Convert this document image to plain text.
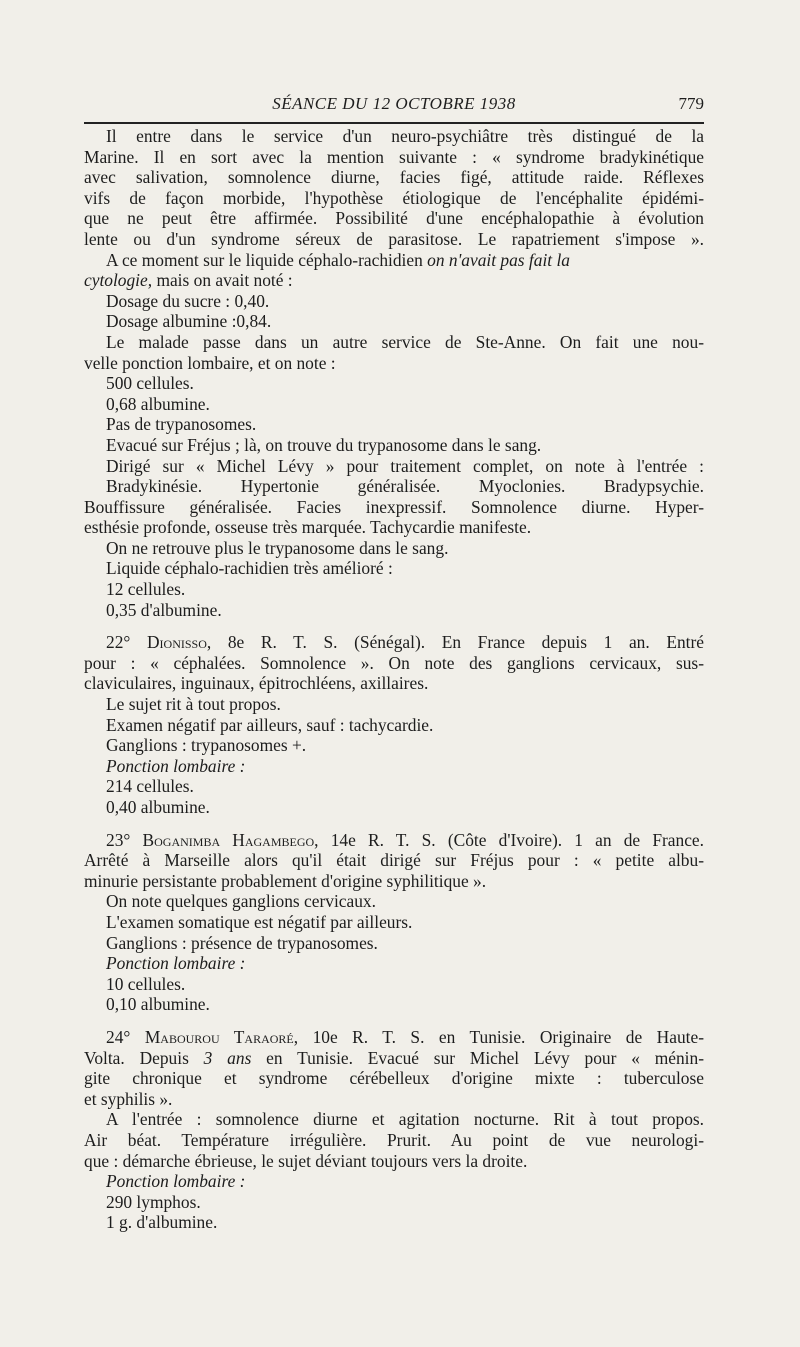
SÉANCE DU 12 OCTOBRE 1938	779
Il entre dans le service d'un neuro-psychiâtre très distingué de la
Marine. Il en sort avec la mention suivante : « syndrome bradykinétique
avec salivation, somnolence diurne, facies figé, attitude raide. Réflexes
vifs de façon morbide, l'hypothèse étiologique de l'encéphalite épidémi-
que ne peut être affirmée. Possibilité d'une encéphalopathie à évolution
lente ou d'un syndrome séreux de parasitose. Le rapatriement s'impose ».
A ce moment sur le liquide céphalo-rachidien on n'avait pas fait la
cytologie, mais on avait noté :
Dosage du sucre : 0,40.
Dosage albumine :0,84.
Le malade passe dans un autre service de Ste-Anne. On fait une nou-
velle ponction lombaire, et on note :
500 cellules.
0,68 albumine.
Pas de trypanosomes.
Evacué sur Fréjus ; là, on trouve du trypanosome dans le sang.
Dirigé sur « Michel Lévy » pour traitement complet, on note à l'entrée :
Bradykinésie. Hypertonie généralisée. Myoclonies. Bradypsychie.
Bouffissure généralisée. Facies inexpressif. Somnolence diurne. Hyper-
esthésie profonde, osseuse très marquée. Tachycardie manifeste.
On ne retrouve plus le trypanosome dans le sang.
Liquide céphalo-rachidien très amélioré :
12 cellules.
0,35 d'albumine.
22° Dionisso, 8e R. T. S. (Sénégal). En France depuis 1 an. Entré
pour : « céphalées. Somnolence ». On note des ganglions cervicaux, sus-
claviculaires, inguinaux, épitrochléens, axillaires.
Le sujet rit à tout propos.
Examen négatif par ailleurs, sauf : tachycardie.
Ganglions : trypanosomes +.
Ponction lombaire :
214 cellules.
0,40 albumine.
23° Boganimba Hagambego, 14e R. T. S. (Côte d'Ivoire). 1 an de France.
Arrêté à Marseille alors qu'il était dirigé sur Fréjus pour : « petite albu-
minurie persistante probablement d'origine syphilitique ».
On note quelques ganglions cervicaux.
L'examen somatique est négatif par ailleurs.
Ganglions : présence de trypanosomes.
Ponction lombaire :
10 cellules.
0,10 albumine.
24° Mabourou Taraoré, 10e R. T. S. en Tunisie. Originaire de Haute-
Volta. Depuis 3 ans en Tunisie. Evacué sur Michel Lévy pour « ménin-
gite chronique et syndrome cérébelleux d'origine mixte : tuberculose
et syphilis ».
A l'entrée : somnolence diurne et agitation nocturne. Rit à tout propos.
Air béat. Température irrégulière. Prurit. Au point de vue neurologi-
que : démarche ébrieuse, le sujet déviant toujours vers la droite.
Ponction lombaire :
290 lymphos.
1 g. d'albumine.
